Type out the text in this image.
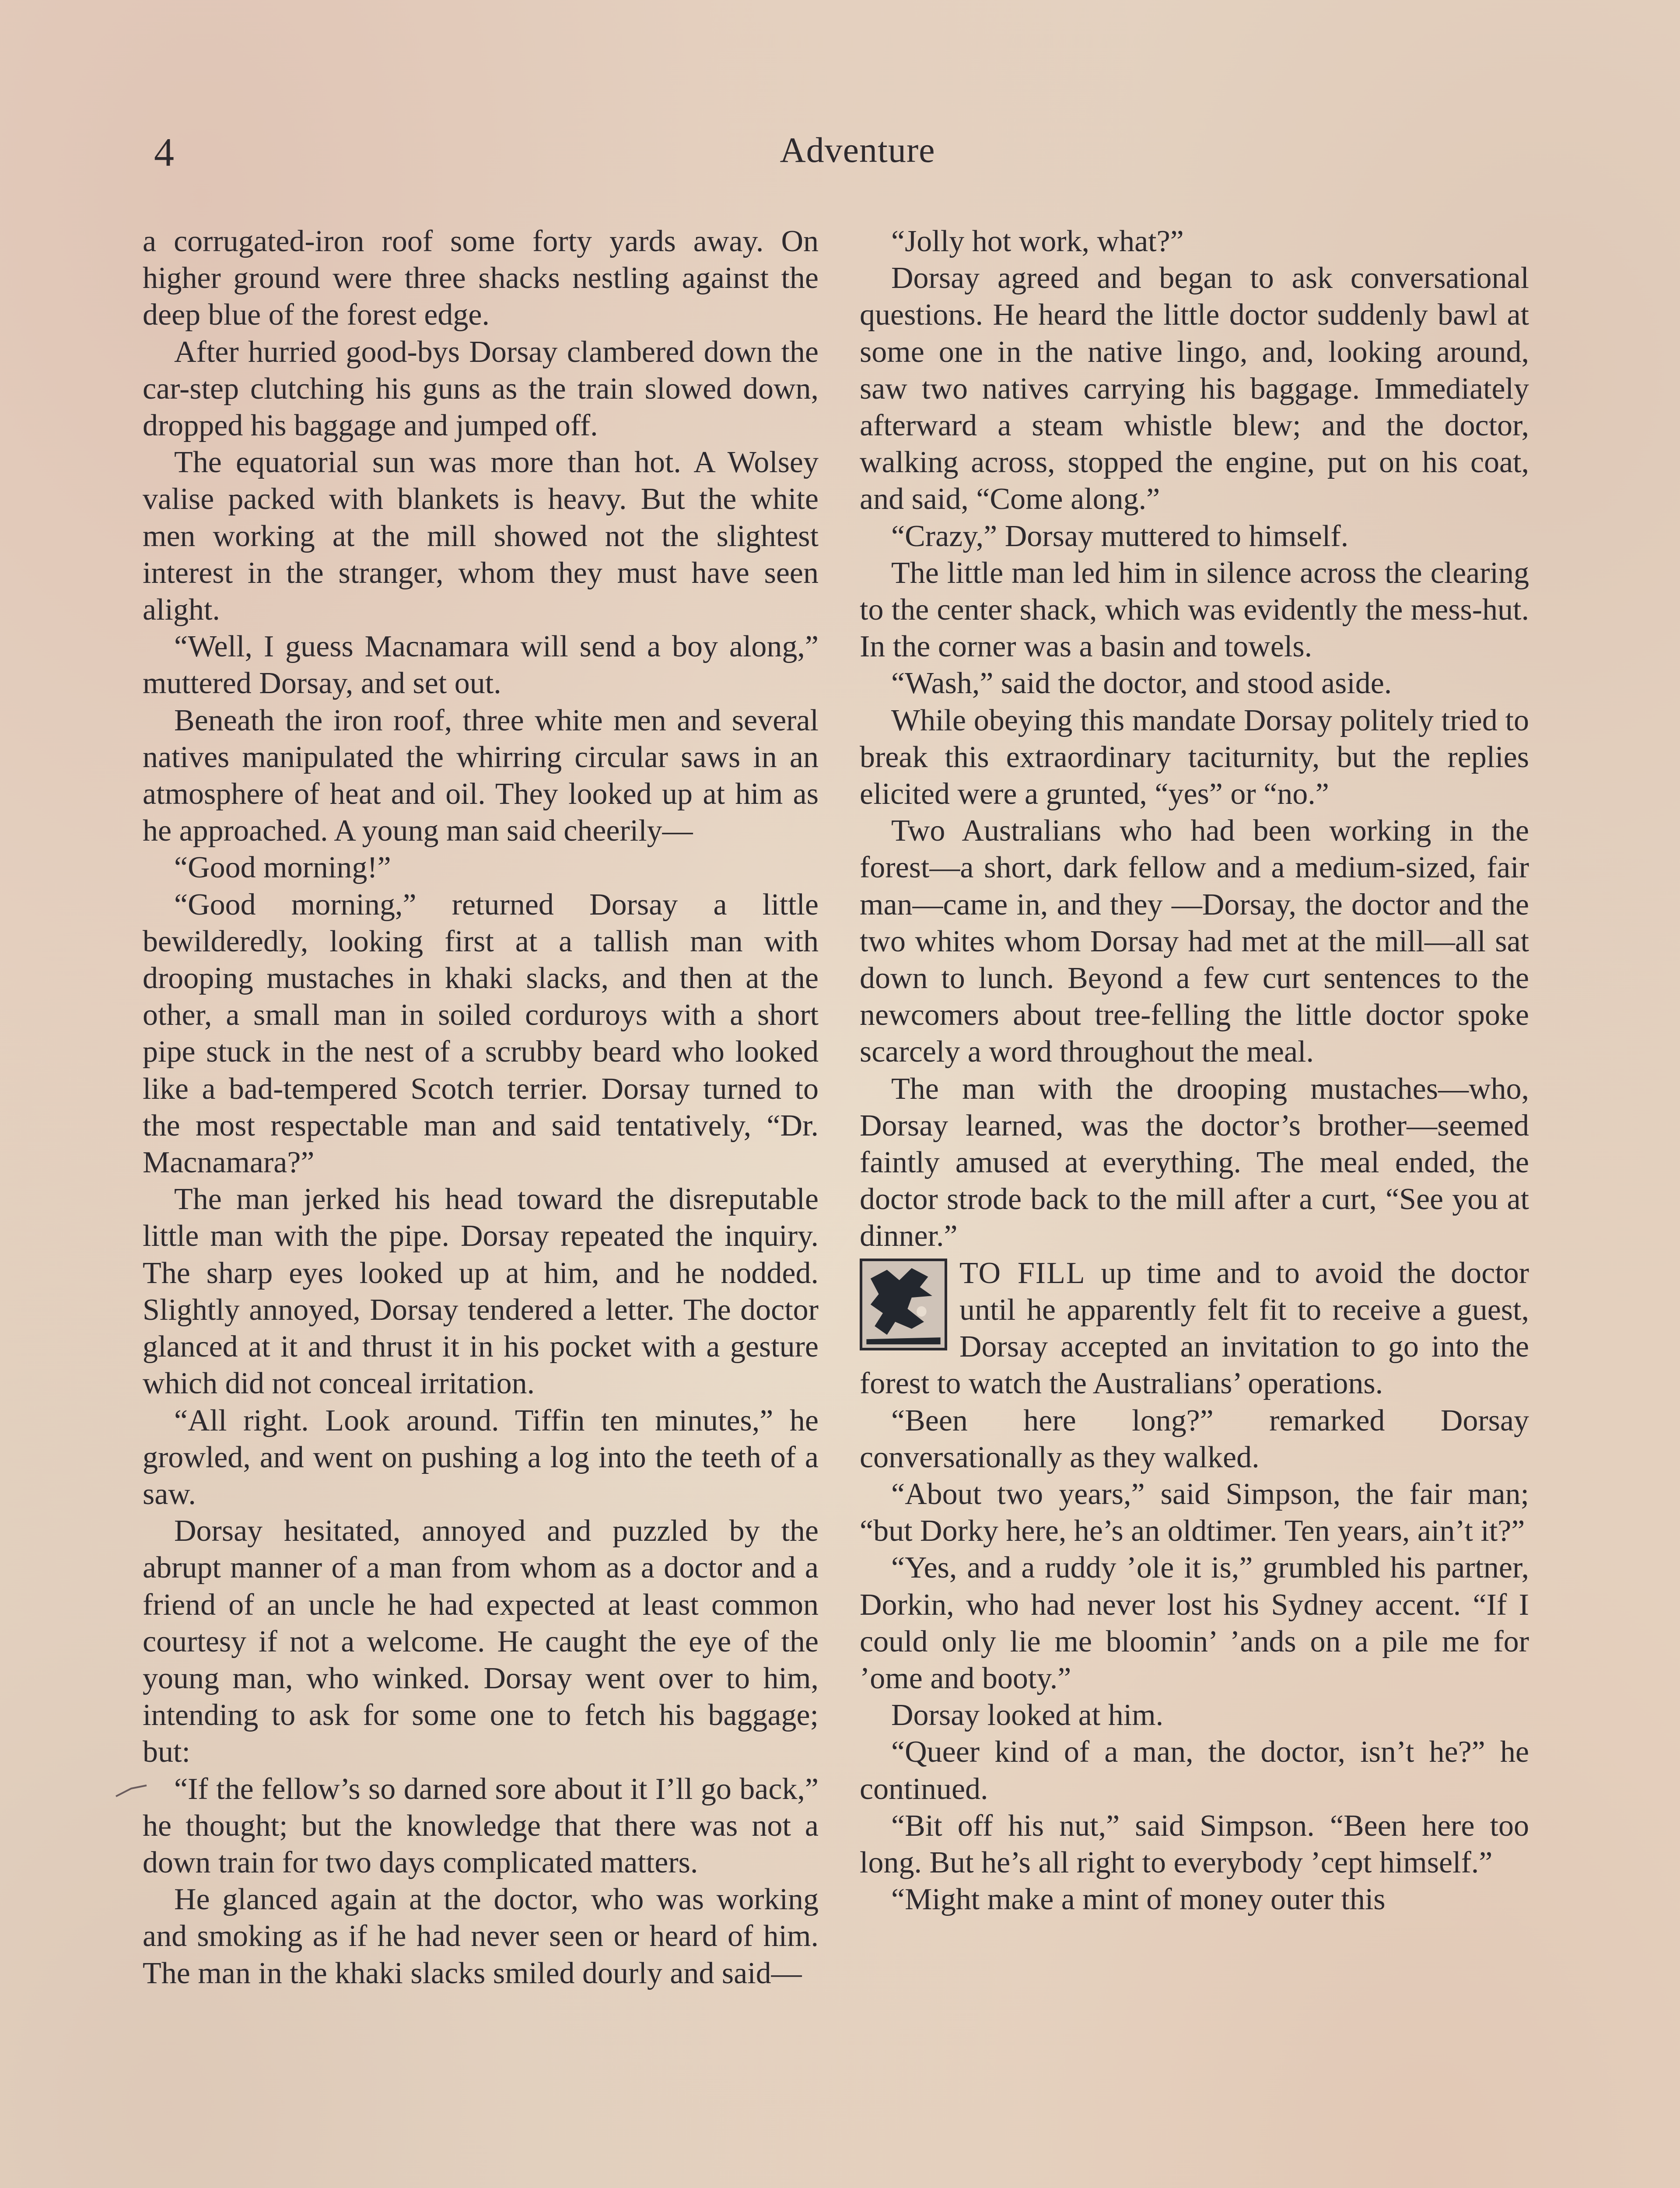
4	Adventure

a corrugated-iron roof some forty yards away. On higher ground were three shacks nestling against the deep blue of the forest edge.

After hurried good-bys Dorsay clambered down the car-step clutching his guns as the train slowed down, dropped his baggage and jumped off.

The equatorial sun was more than hot. A Wolsey valise packed with blankets is heavy. But the white men working at the mill showed not the slightest interest in the stranger, whom they must have seen alight.

“Well, I guess Macnamara will send a boy along,” muttered Dorsay, and set out.

Beneath the iron roof, three white men and several natives manipulated the whirring circular saws in an atmosphere of heat and oil. They looked up at him as he approached. A young man said cheerily—

“Good morning!”

“Good morning,” returned Dorsay a little bewilderedly, looking first at a tallish man with drooping mustaches in khaki slacks, and then at the other, a small man in soiled corduroys with a short pipe stuck in the nest of a scrubby beard who looked like a bad-tempered Scotch terrier. Dorsay turned to the most respectable man and said tentatively, “Dr. Macnamara?”

The man jerked his head toward the disreputable little man with the pipe. Dorsay repeated the inquiry. The sharp eyes looked up at him, and he nodded. Slightly annoyed, Dorsay tendered a letter. The doctor glanced at it and thrust it in his pocket with a gesture which did not conceal irritation.

“All right. Look around. Tiffin ten minutes,” he growled, and went on pushing a log into the teeth of a saw.

Dorsay hesitated, annoyed and puzzled by the abrupt manner of a man from whom as a doctor and a friend of an uncle he had expected at least common courtesy if not a welcome. He caught the eye of the young man, who winked. Dorsay went over to him, intending to ask for some one to fetch his baggage; but:

“If the fellow’s so darned sore about it I’ll go back,” he thought; but the knowledge that there was not a down train for two days complicated matters.

He glanced again at the doctor, who was working and smoking as if he had never seen or heard of him. The man in the khaki slacks smiled dourly and said—

“Jolly hot work, what?”

Dorsay agreed and began to ask conversational questions. He heard the little doctor suddenly bawl at some one in the native lingo, and, looking around, saw two natives carrying his baggage. Immediately afterward a steam whistle blew; and the doctor, walking across, stopped the engine, put on his coat, and said, “Come along.”

“Crazy,” Dorsay muttered to himself.

The little man led him in silence across the clearing to the center shack, which was evidently the mess-hut. In the corner was a basin and towels.

“Wash,” said the doctor, and stood aside.

While obeying this mandate Dorsay politely tried to break this extraordinary taciturnity, but the replies elicited were a grunted, “yes” or “no.”

Two Australians who had been working in the forest—a short, dark fellow and a medium-sized, fair man—came in, and they —Dorsay, the doctor and the two whites whom Dorsay had met at the mill—all sat down to lunch. Beyond a few curt sentences to the newcomers about tree-felling the little doctor spoke scarcely a word throughout the meal.

The man with the drooping mustaches—who, Dorsay learned, was the doctor’s brother—seemed faintly amused at everything. The meal ended, the doctor strode back to the mill after a curt, “See you at dinner.”

TO FILL up time and to avoid the doctor until he apparently felt fit to receive a guest, Dorsay accepted an invitation to go into the forest to watch the Australians’ operations.

“Been here long?” remarked Dorsay conversationally as they walked.

“About two years,” said Simpson, the fair man; “but Dorky here, he’s an oldtimer. Ten years, ain’t it?”

“Yes, and a ruddy ’ole it is,” grumbled his partner, Dorkin, who had never lost his Sydney accent. “If I could only lie me bloomin’ ’ands on a pile me for ’ome and booty.”

Dorsay looked at him.

“Queer kind of a man, the doctor, isn’t he?” he continued.

“Bit off his nut,” said Simpson. “Been here too long. But he’s all right to everybody ’cept himself.”

“Might make a mint of money outer this
